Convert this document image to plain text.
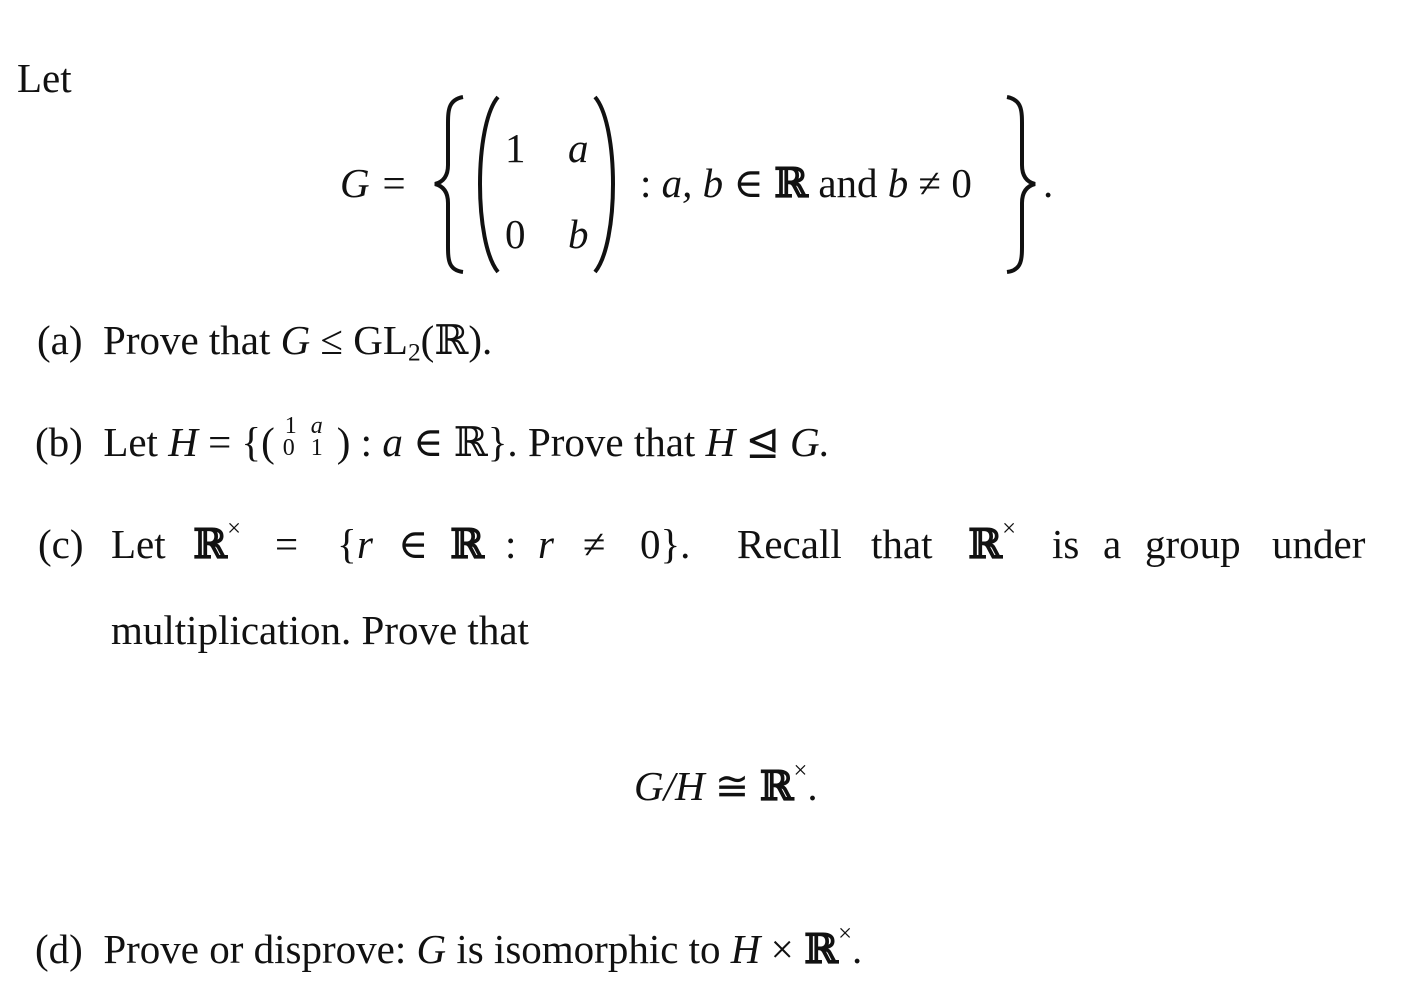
Let
G =
1 a
0 b
: a, b ∈ ℝ and b ≠ 0 .
(a) Prove that $G \le GL_2(ℝ)$.
(b) Let H = {( 1 a
0 1 ) : a ∈ ℝ}. Prove that H ⊴ G.
(c) Let ℝ× = { r ∈ ℝ : r ≠ 0}. Recall that ℝ× is a group under
multiplication. Prove that
G/H ≅ ℝ×.
(d) Prove or disprove: G is isomorphic to H × ℝ×.
